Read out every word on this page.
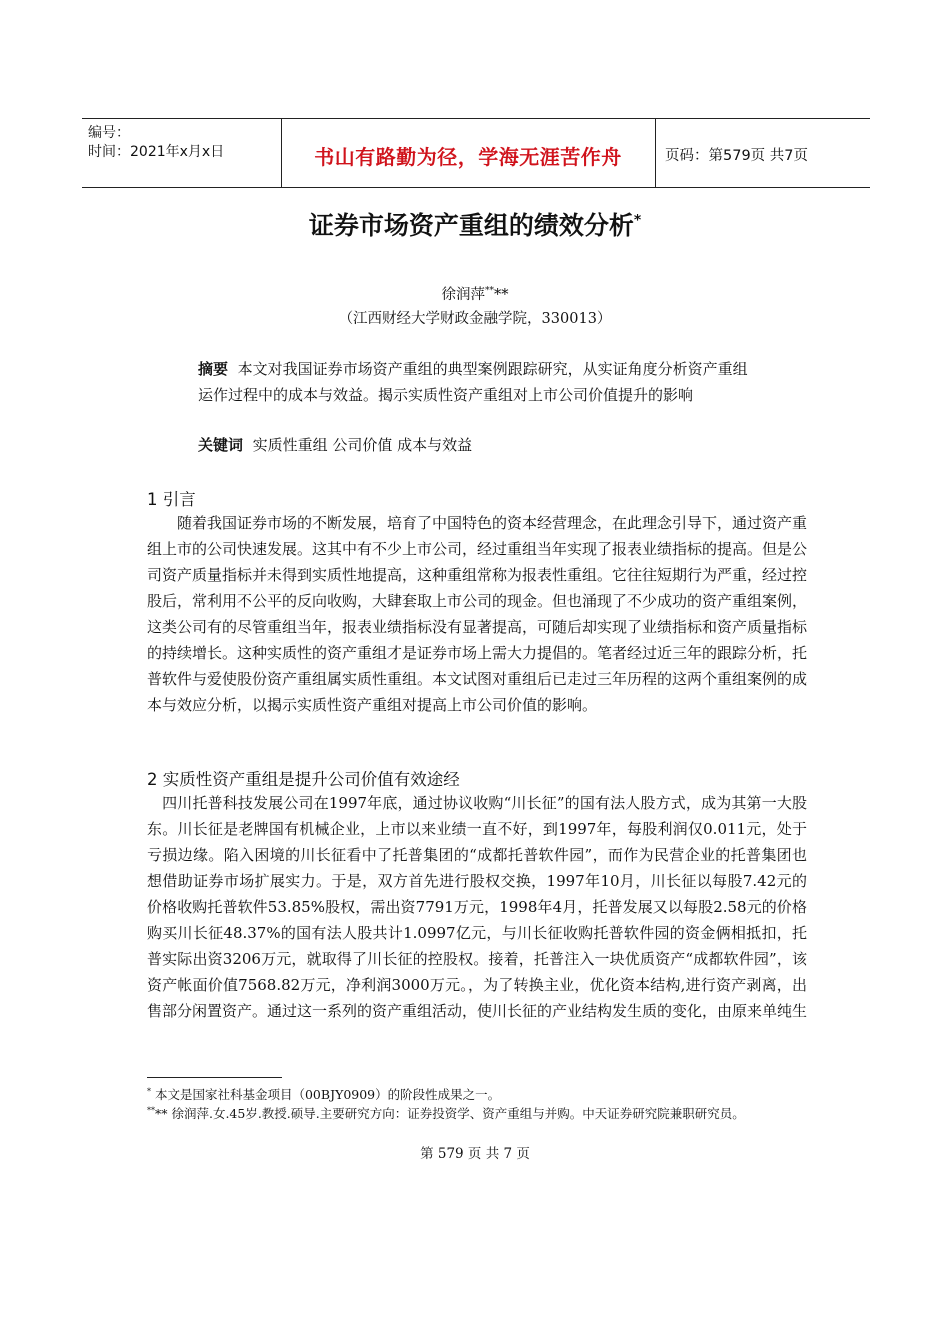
编号：
时间：2021年x月x日	书山有路勤为径，学海无涯苦作舟	页码：第579页 共7页
证券市场资产重组的绩效分析*
徐润萍****
（江西财经大学财政金融学院，330013）
摘要 本文对我国证券市场资产重组的典型案例跟踪研究，从实证角度分析资产重组运作过程中的成本与效益。揭示实质性资产重组对上市公司价值提升的影响
关键词 实质性重组 公司价值 成本与效益
1 引言
　　随着我国证券市场的不断发展，培育了中国特色的资本经营理念，在此理念引导下，通过资产重组上市的公司快速发展。这其中有不少上市公司，经过重组当年实现了报表业绩指标的提高。但是公司资产质量指标并未得到实质性地提高，这种重组常称为报表性重组。它往往短期行为严重，经过控股后，常利用不公平的反向收购，大肆套取上市公司的现金。但也涌现了不少成功的资产重组案例，这类公司有的尽管重组当年，报表业绩指标没有显著提高，可随后却实现了业绩指标和资产质量指标的持续增长。这种实质性的资产重组才是证券市场上需大力提倡的。笔者经过近三年的跟踪分析，托普软件与爱使股份资产重组属实质性重组。本文试图对重组后已走过三年历程的这两个重组案例的成本与效应分析，以揭示实质性资产重组对提高上市公司价值的影响。
2 实质性资产重组是提升公司价值有效途经
　四川托普科技发展公司在1997年底，通过协议收购“川长征”的国有法人股方式，成为其第一大股东。川长征是老牌国有机械企业，上市以来业绩一直不好，到1997年，每股利润仅0.011元，处于亏损边缘。陷入困境的川长征看中了托普集团的“成都托普软件园”，而作为民营企业的托普集团也想借助证券市场扩展实力。于是，双方首先进行股权交换，1997年10月，川长征以每股7.42元的价格收购托普软件53.85%股权，需出资7791万元，1998年4月，托普发展又以每股2.58元的价格购买川长征48.37%的国有法人股共计1.0997亿元，与川长征收购托普软件园的资金俩相抵扣，托普实际出资3206万元，就取得了川长征的控股权。接着，托普注入一块优质资产“成都软件园”，该资产帐面价值7568.82万元，净利润3000万元。，为了转换主业，优化资本结构,进行资产剥离，出售部分闲置资产。通过这一系列的资产重组活动，使川长征的产业结构发生质的变化，由原来单纯生
* 本文是国家社科基金项目（00BJY0909）的阶段性成果之一。
**** 徐润萍.女.45岁.教授.硕导.主要研究方向：证券投资学、资产重组与并购。中天证券研究院兼职研究员。
第 579 页 共 7 页
